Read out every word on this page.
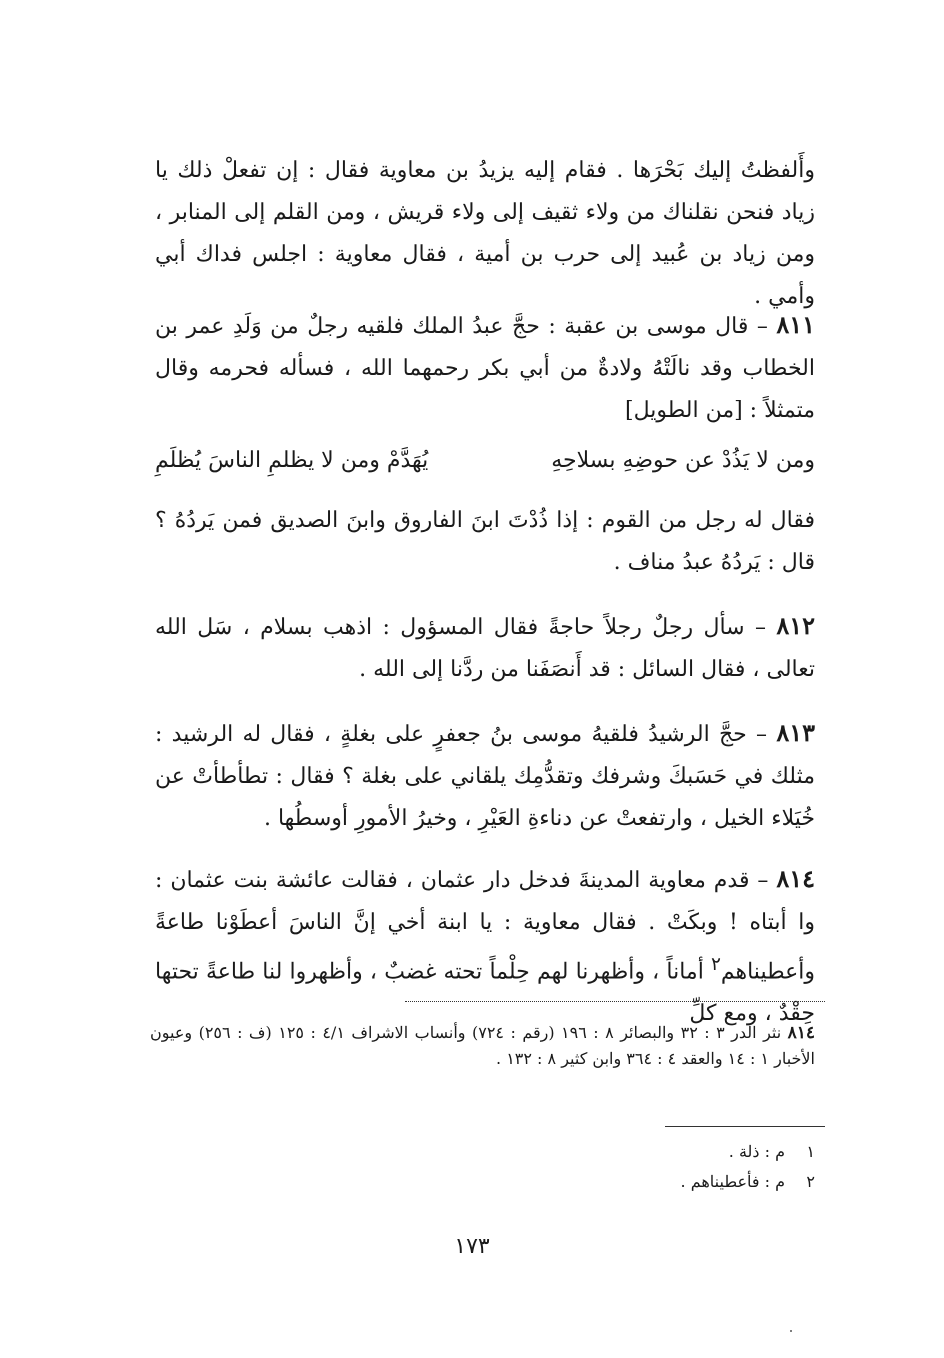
وأَلفظتُ إليك بَحْرَها . فقام إليه يزيدُ بن معاوية فقال : إن تفعلْ ذلك يا زياد فنحن نقلناك من ولاء ثقيف إلى ولاء قريش ، ومن القلم إلى المنابر ، ومن زياد بن عُبيد إلى حرب بن أمية ، فقال معاوية : اجلس فداك أبي وأمي .
٨١١ – قال موسى بن عقبة : حجَّ عبدُ الملك فلقيه رجلٌ من وَلَدِ عمر بن الخطاب وقد نالَتْهُ ولادةٌ من أبي بكر رحمهما الله ، فسأله فحرمه وقال متمثلاً : [من الطويل]
ومن لا يَذُدْ عن حوضِهِ بسلاحِهِ
يُهَدَّمْ ومن لا يظلمِ الناسَ يُظلَمِ
فقال له رجل من القوم : إذا ذُدْتَ ابنَ الفاروق وابنَ الصديق فمن يَردُهُ ؟ قال : يَردُهُ عبدُ مناف .
٨١٢ – سأل رجلٌ رجلاً حاجةً فقال المسؤول : اذهب بسلام ، سَل الله تعالى ، فقال السائل : قد أَنصَفَنا من ردَّنا إلى الله .
٨١٣ – حجَّ الرشيدُ فلقيهُ موسى بنُ جعفرٍ على بغلةٍ ، فقال له الرشيد : مثلك في حَسَبكَ وشرفك وتقدُّمِك يلقاني على بغلة ؟ فقال : تطأطأتْ عن خُيَلاء الخيل ، وارتفعتْ عن دناءةِ العَيْرِ ، وخيرُ الأمورِ أوسطُها .
٨١٤ – قدم معاوية المدينةَ فدخل دار عثمان ، فقالت عائشة بنت عثمان : وا أبتاه ! وبكَتْ . فقال معاوية : يا ابنة أخي إنَّ الناسَ أعطَوْنا طاعةً وأعطيناهم$^٢$ أماناً ، وأظهرنا لهم حِلْماً تحته غضبٌ ، وأظهروا لنا طاعةً تحتها حِقْدٌ ، ومع كلِّ
٨١٤ نثر الدر ٣ : ٣٢ والبصائر ٨ : ١٩٦ (رقم : ٧٢٤) وأنساب الاشراف ٤/١ : ١٢٥ (ف : ٢٥٦) وعيون الأخبار ١ : ١٤ والعقد ٤ : ٣٦٤ وابن كثير ٨ : ١٣٢ .
١م : ذلة .
٢م : فأعطيناهم .
١٧٣
